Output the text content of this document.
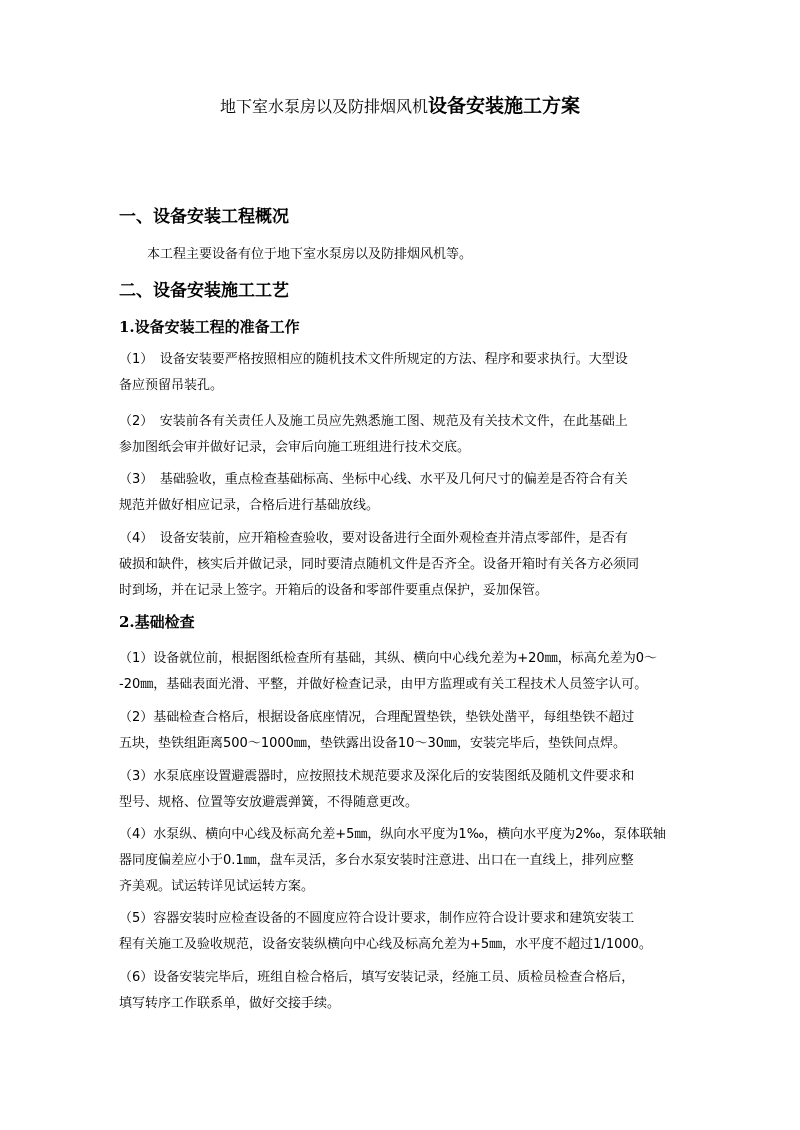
地下室水泵房以及防排烟风机设备安装施工方案
一、设备安装工程概况
本工程主要设备有位于地下室水泵房以及防排烟风机等。
二、设备安装施工工艺
1.设备安装工程的准备工作
（1）　设备安装要严格按照相应的随机技术文件所规定的方法、程序和要求执行。大型设
备应预留吊装孔。
（2）　安装前各有关责任人及施工员应先熟悉施工图、规范及有关技术文件，在此基础上
参加图纸会审并做好记录，会审后向施工班组进行技术交底。
（3）　基础验收，重点检查基础标高、坐标中心线、水平及几何尺寸的偏差是否符合有关
规范并做好相应记录，合格后进行基础放线。
（4）　设备安装前，应开箱检查验收，要对设备进行全面外观检查并清点零部件，是否有
破损和缺件，核实后并做记录，同时要清点随机文件是否齐全。设备开箱时有关各方必须同
时到场，并在记录上签字。开箱后的设备和零部件要重点保护，妥加保管。
2.基础检查
（1）设备就位前，根据图纸检查所有基础，其纵、横向中心线允差为+20㎜，标高允差为0～
-20㎜，基础表面光滑、平整，并做好检查记录，由甲方监理或有关工程技术人员签字认可。
（2）基础检查合格后，根据设备底座情况，合理配置垫铁，垫铁处凿平，每组垫铁不超过
五块，垫铁组距离500～1000㎜，垫铁露出设备10～30㎜，安装完毕后，垫铁间点焊。
（3）水泵底座设置避震器时，应按照技术规范要求及深化后的安装图纸及随机文件要求和
型号、规格、位置等安放避震弹簧，不得随意更改。
（4）水泵纵、横向中心线及标高允差+5㎜，纵向水平度为1‰，横向水平度为2‰，泵体联轴
器同度偏差应小于0.1㎜，盘车灵活，多台水泵安装时注意进、出口在一直线上，排列应整
齐美观。试运转详见试运转方案。
（5）容器安装时应检查设备的不圆度应符合设计要求，制作应符合设计要求和建筑安装工
程有关施工及验收规范，设备安装纵横向中心线及标高允差为+5㎜，水平度不超过1/1000。
（6）设备安装完毕后，班组自检合格后，填写安装记录，经施工员、质检员检查合格后，
填写转序工作联系单，做好交接手续。
